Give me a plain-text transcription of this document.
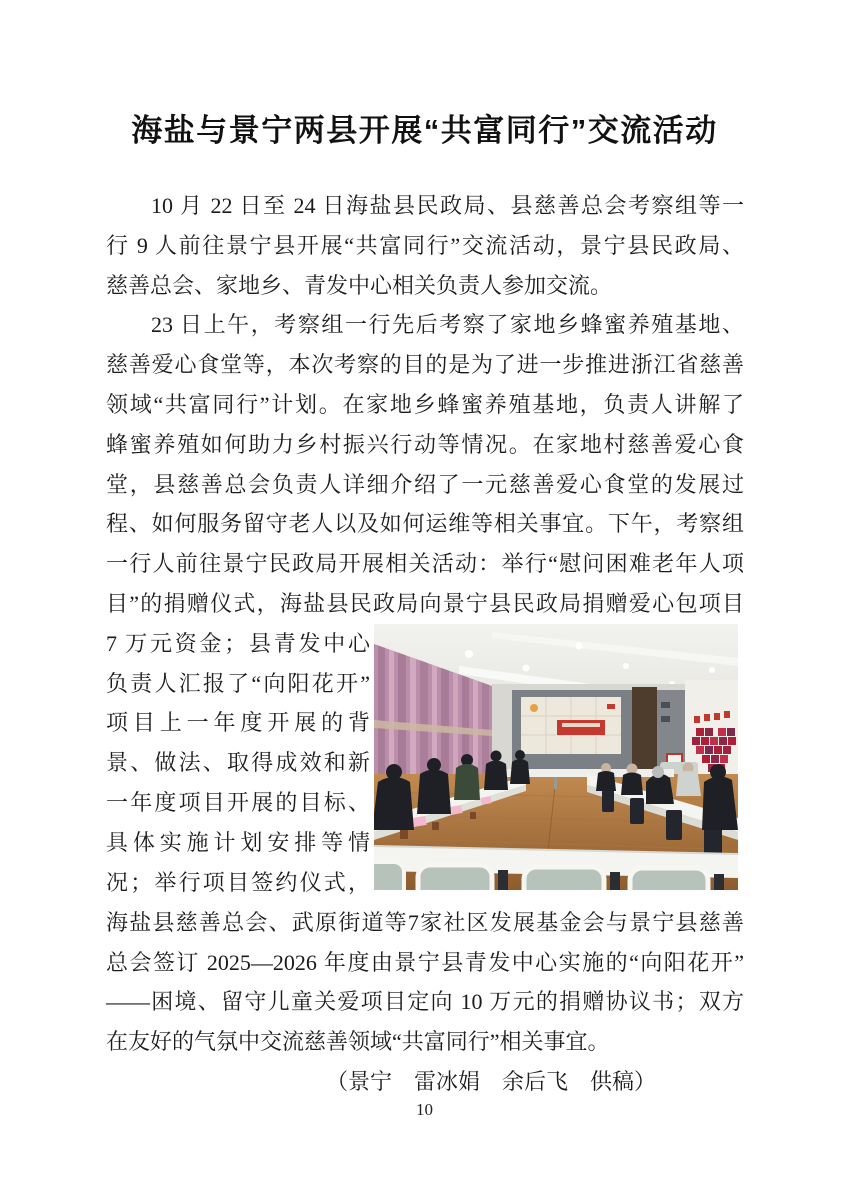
海盐与景宁两县开展“共富同行”交流活动
10 月 22 日至 24 日海盐县民政局、县慈善总会考察组等一
行 9 人前往景宁县开展“共富同行”交流活动，景宁县民政局、
慈善总会、家地乡、青发中心相关负责人参加交流。
23 日上午，考察组一行先后考察了家地乡蜂蜜养殖基地、
慈善爱心食堂等，本次考察的目的是为了进一步推进浙江省慈善
领域“共富同行”计划。在家地乡蜂蜜养殖基地，负责人讲解了
蜂蜜养殖如何助力乡村振兴行动等情况。在家地村慈善爱心食
堂，县慈善总会负责人详细介绍了一元慈善爱心食堂的发展过
程、如何服务留守老人以及如何运维等相关事宜。下午，考察组
一行人前往景宁民政局开展相关活动：举行“慰问困难老年人项
目”的捐赠仪式，海盐县民政局向景宁县民政局捐赠爱心包项目
7 万元资金；县青发中心
负责人汇报了“向阳花开”
项目上一年度开展的背
景、做法、取得成效和新
一年度项目开展的目标、
具体实施计划安排等情
况；举行项目签约仪式，
海盐县慈善总会、武原街道等7家社区发展基金会与景宁县慈善
总会签订 2025—2026 年度由景宁县青发中心实施的“向阳花开”
——困境、留守儿童关爱项目定向 10 万元的捐赠协议书；双方
在友好的气氛中交流慈善领域“共富同行”相关事宜。
（景宁　雷冰娟　余后飞　供稿）
10
